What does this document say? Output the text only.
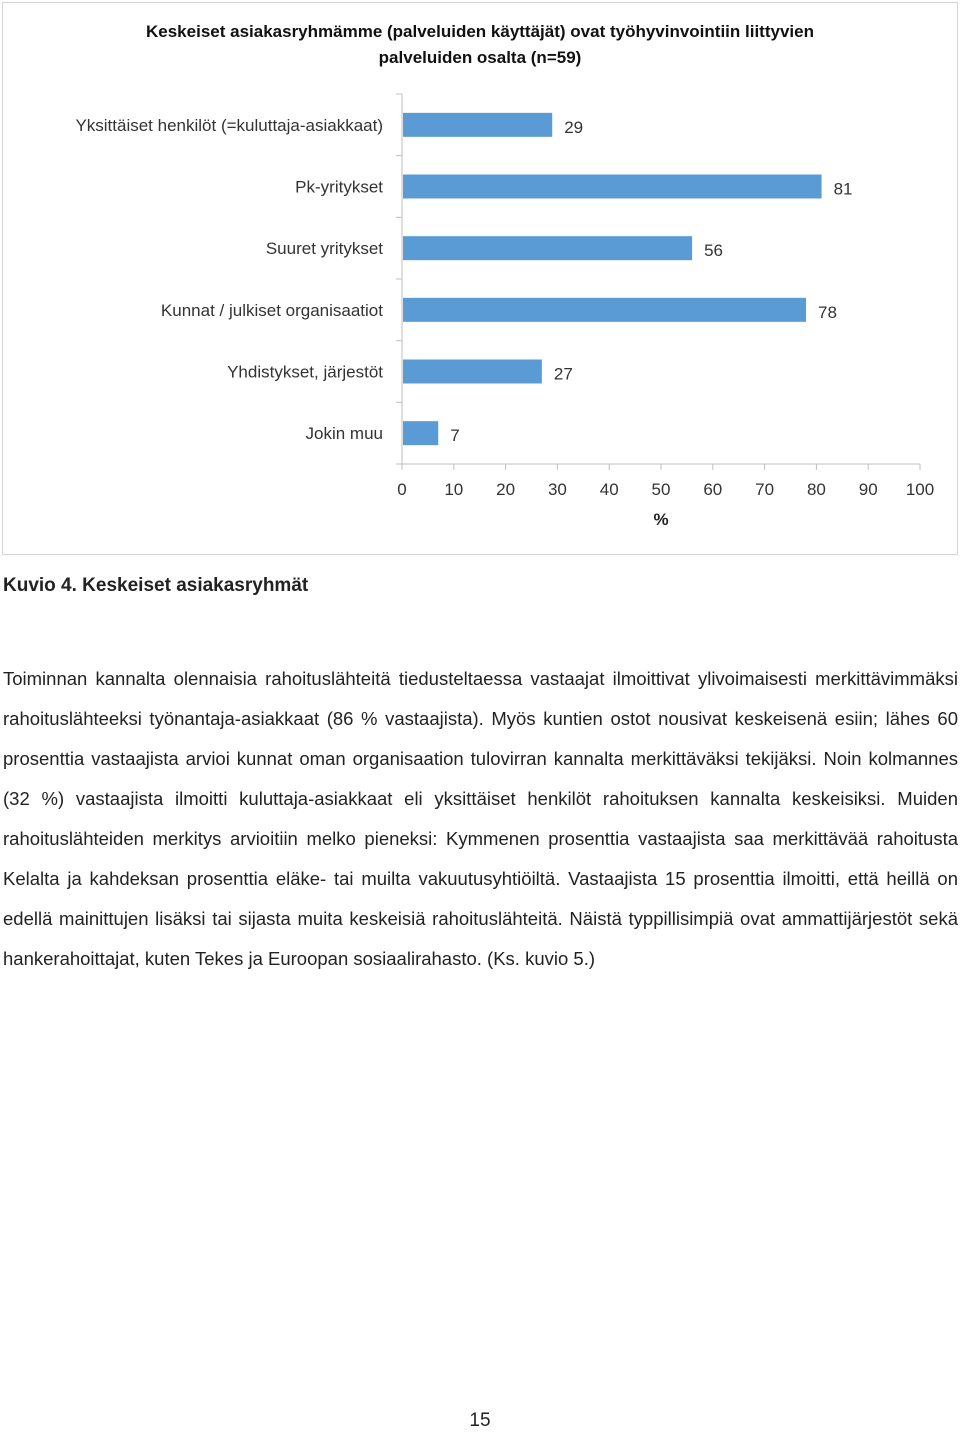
Keskeiset asiakasryhmämme (palveluiden käyttäjät) ovat työhyvinvointiin liittyvien
palveluiden osalta (n=59)
0 10 20 30 40 50 60 70 80 90 100
%
Yksittäiset henkilöt (=kuluttaja-asiakkaat)	29
Pk-yritykset	81
Suuret yritykset	56
Kunnat / julkiset organisaatiot	78
Yhdistykset, järjestöt	27
Jokin muu	7
Kuvio 4. Keskeiset asiakasryhmät

Toiminnan kannalta olennaisia rahoituslähteitä tiedusteltaessa vastaajat ilmoittivat ylivoimaisesti merkittävimmäksi rahoituslähteeksi työnantaja-asiakkaat (86 % vastaajista). Myös kuntien ostot nousivat keskeisenä esiin; lähes 60 prosenttia vastaajista arvioi kunnat oman organisaation tulovirran kannalta merkittäväksi tekijäksi. Noin kolmannes (32 %) vastaajista ilmoitti kuluttaja-asiakkaat eli yksittäiset henkilöt rahoituksen kannalta keskeisiksi. Muiden rahoituslähteiden merkitys arvioitiin melko pieneksi: Kymmenen prosenttia vastaajista saa merkittävää rahoitusta Kelalta ja kahdeksan prosenttia eläke- tai muilta vakuutusyhtiöiltä. Vastaajista 15 prosenttia ilmoitti, että heillä on edellä mainittujen lisäksi tai sijasta muita keskeisiä rahoituslähteitä. Näistä typpillisimpiä ovat ammattijärjestöt sekä hankerahoittajat, kuten Tekes ja Euroopan sosiaalirahasto. (Ks. kuvio 5.)

15
